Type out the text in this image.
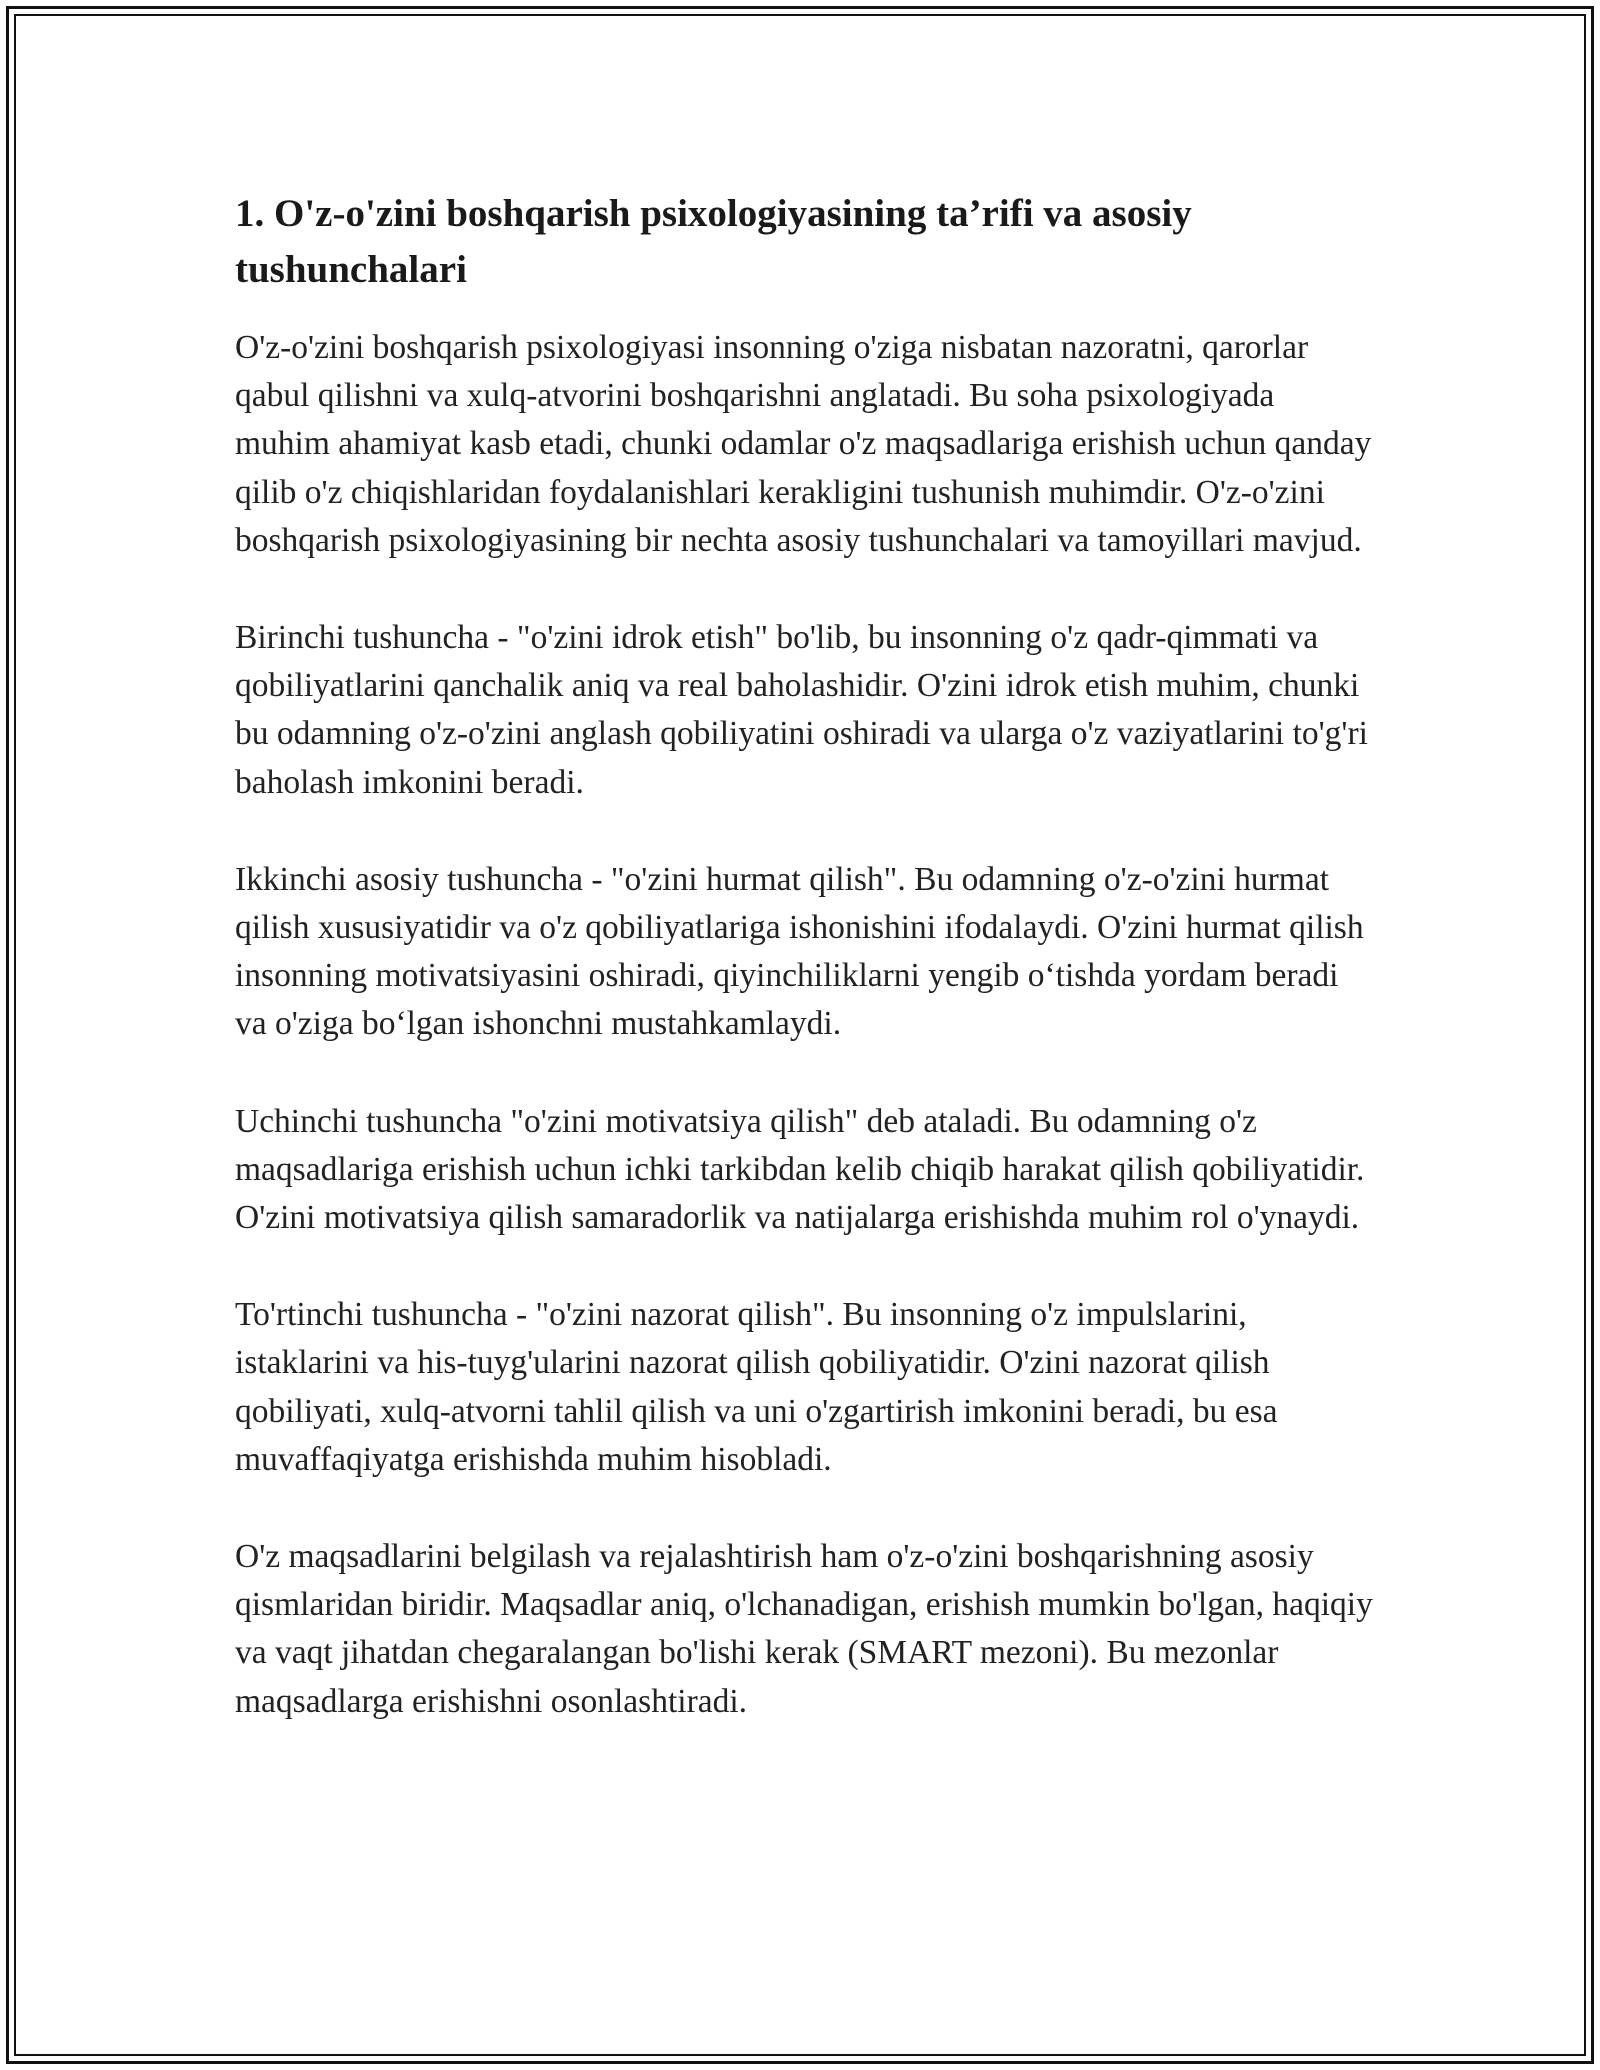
1. O'z-o'zini boshqarish psixologiyasining ta’rifi va asosiy tushunchalari

O'z-o'zini boshqarish psixologiyasi insonning o'ziga nisbatan nazoratni, qarorlar qabul qilishni va xulq-atvorini boshqarishni anglatadi. Bu soha psixologiyada muhim ahamiyat kasb etadi, chunki odamlar o'z maqsadlariga erishish uchun qanday qilib o'z chiqishlaridan foydalanishlari kerakligini tushunish muhimdir. O'z-o'zini boshqarish psixologiyasining bir nechta asosiy tushunchalari va tamoyillari mavjud.

Birinchi tushuncha - "o'zini idrok etish" bo'lib, bu insonning o'z qadr-qimmati va qobiliyatlarini qanchalik aniq va real baholashidir. O'zini idrok etish muhim, chunki bu odamning o'z-o'zini anglash qobiliyatini oshiradi va ularga o'z vaziyatlarini to'g'ri baholash imkonini beradi.

Ikkinchi asosiy tushuncha - "o'zini hurmat qilish". Bu odamning o'z-o'zini hurmat qilish xususiyatidir va o'z qobiliyatlariga ishonishini ifodalaydi. O'zini hurmat qilish insonning motivatsiyasini oshiradi, qiyinchiliklarni yengib o‘tishda yordam beradi va o'ziga bo‘lgan ishonchni mustahkamlaydi.

Uchinchi tushuncha "o'zini motivatsiya qilish" deb ataladi. Bu odamning o'z maqsadlariga erishish uchun ichki tarkibdan kelib chiqib harakat qilish qobiliyatidir. O'zini motivatsiya qilish samaradorlik va natijalarga erishishda muhim rol o'ynaydi.

To'rtinchi tushuncha - "o'zini nazorat qilish". Bu insonning o'z impulslarini, istaklarini va his-tuyg'ularini nazorat qilish qobiliyatidir. O'zini nazorat qilish qobiliyati, xulq-atvorni tahlil qilish va uni o'zgartirish imkonini beradi, bu esa muvaffaqiyatga erishishda muhim hisobladi.

O'z maqsadlarini belgilash va rejalashtirish ham o'z-o'zini boshqarishning asosiy qismlaridan biridir. Maqsadlar aniq, o'lchanadigan, erishish mumkin bo'lgan, haqiqiy va vaqt jihatdan chegaralangan bo'lishi kerak (SMART mezoni). Bu mezonlar maqsadlarga erishishni osonlashtiradi.
